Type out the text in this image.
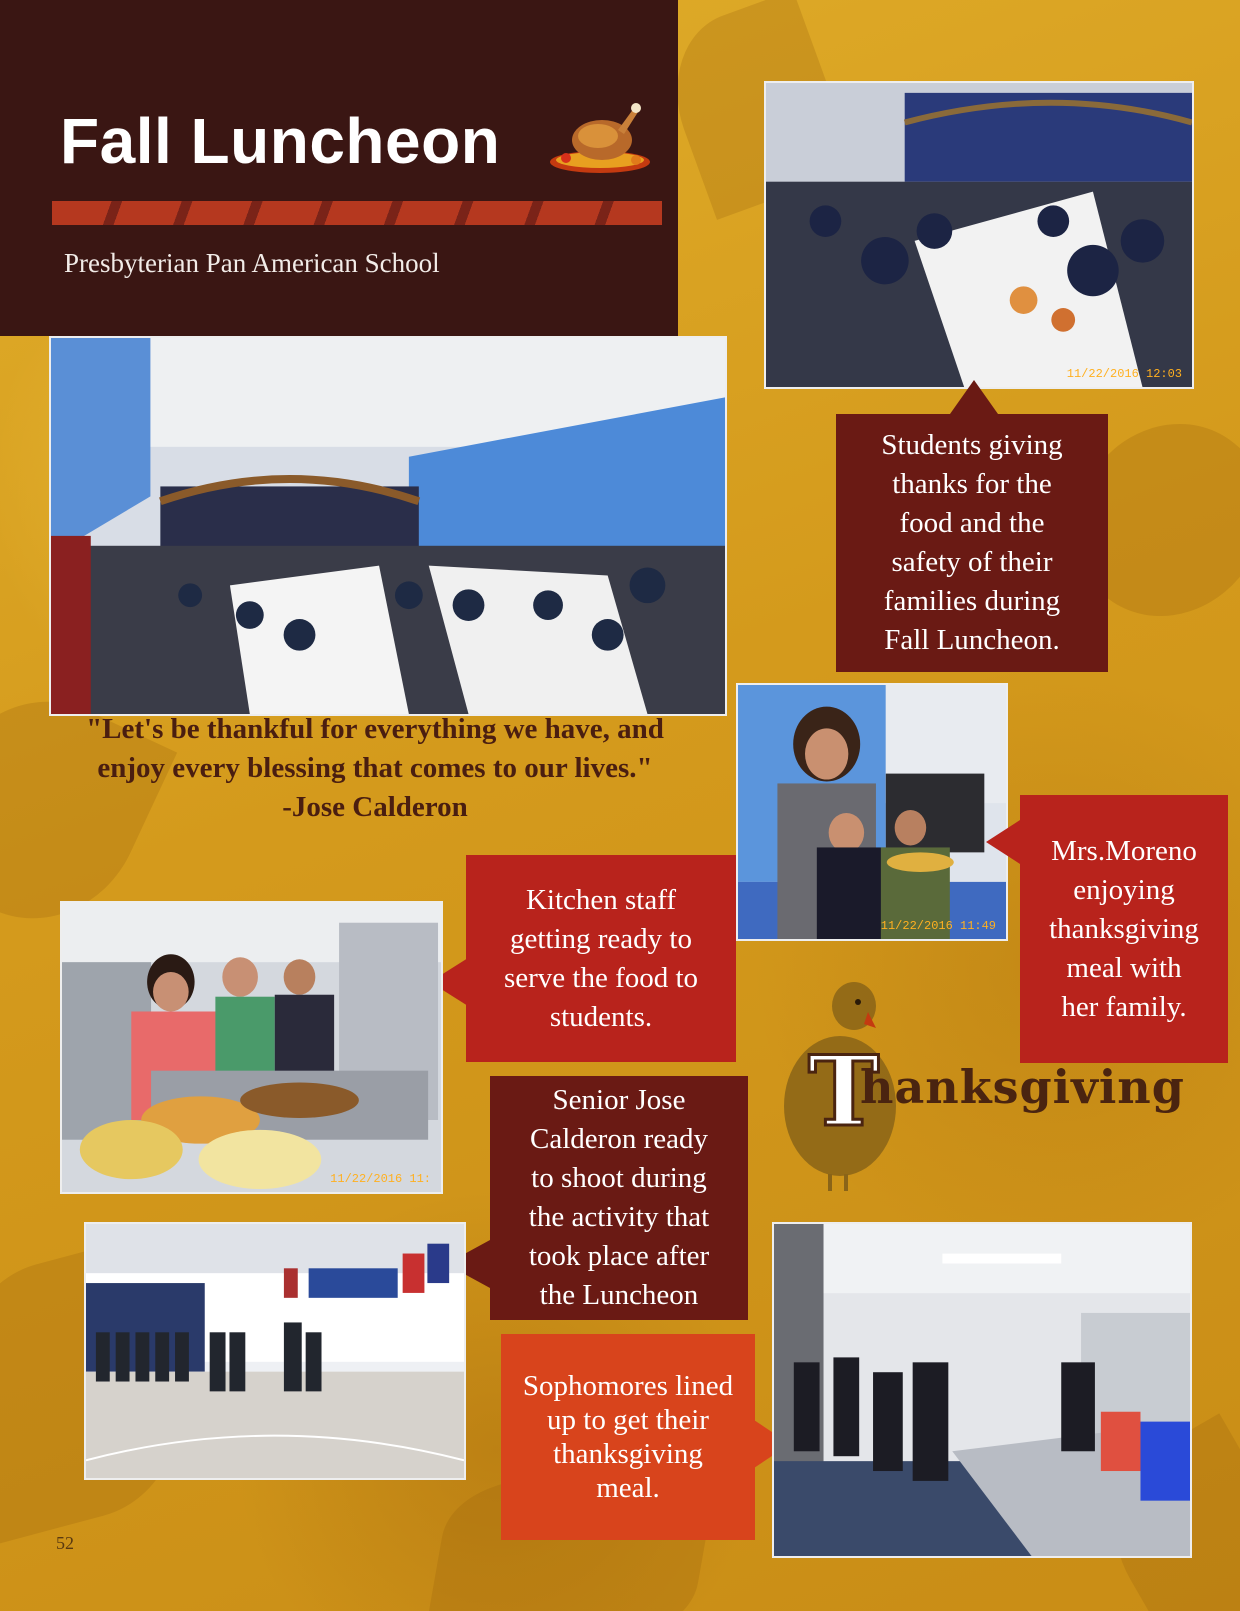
Fall Luncheon
Presbyterian Pan American School
11/22/2016 12:03
Students giving
thanks for the
food and the
safety of their
families during
Fall Luncheon.
11/22/2016 11:49
Mrs.Moreno
enjoying
thanksgiving
meal with
her family.
"Let's be thankful for everything we have, and
enjoy every blessing that comes to our lives."
-Jose Calderon
Kitchen staff
getting ready to
serve the food to
students.
11/22/2016 11:
Senior Jose
Calderon ready
to shoot during
the activity that
took place after
the Luncheon
Sophomores lined
up to get their
thanksgiving
meal.
T
hanksgiving
52
